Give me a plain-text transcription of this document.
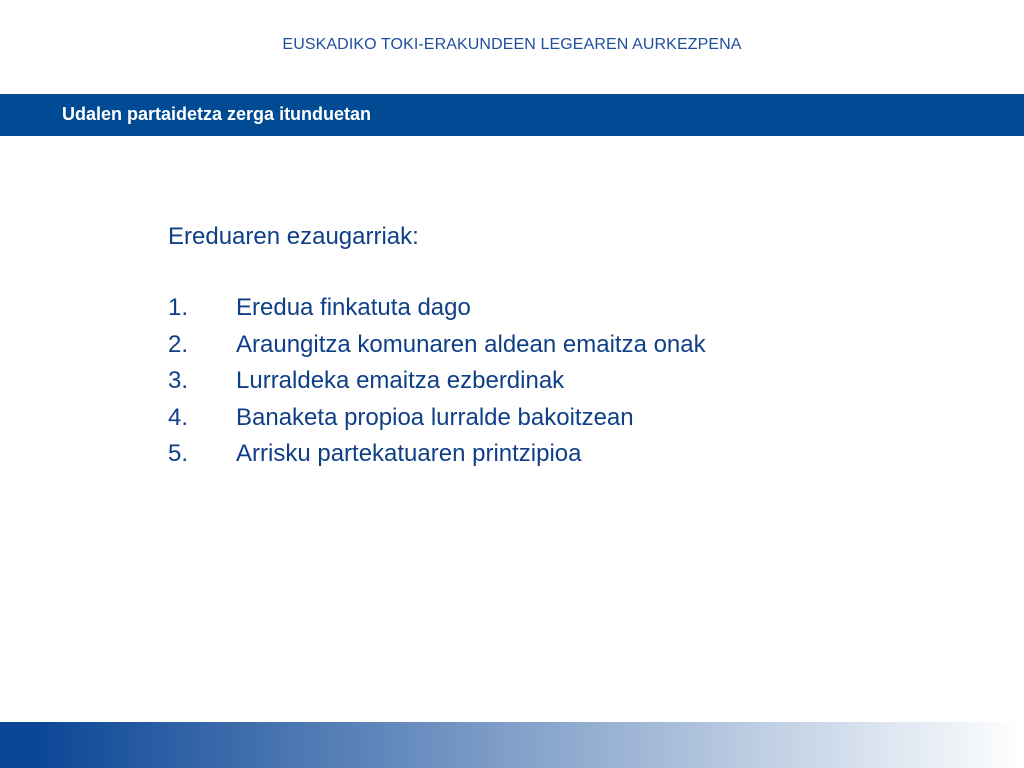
EUSKADIKO TOKI-ERAKUNDEEN LEGEAREN AURKEZPENA
Udalen partaidetza zerga itunduetan
Ereduaren ezaugarriak:
1. Eredua finkatuta dago
2. Araungitza komunaren aldean emaitza onak
3. Lurraldeka emaitza ezberdinak
4. Banaketa propioa lurralde bakoitzean
5. Arrisku partekatuaren printzipioa
